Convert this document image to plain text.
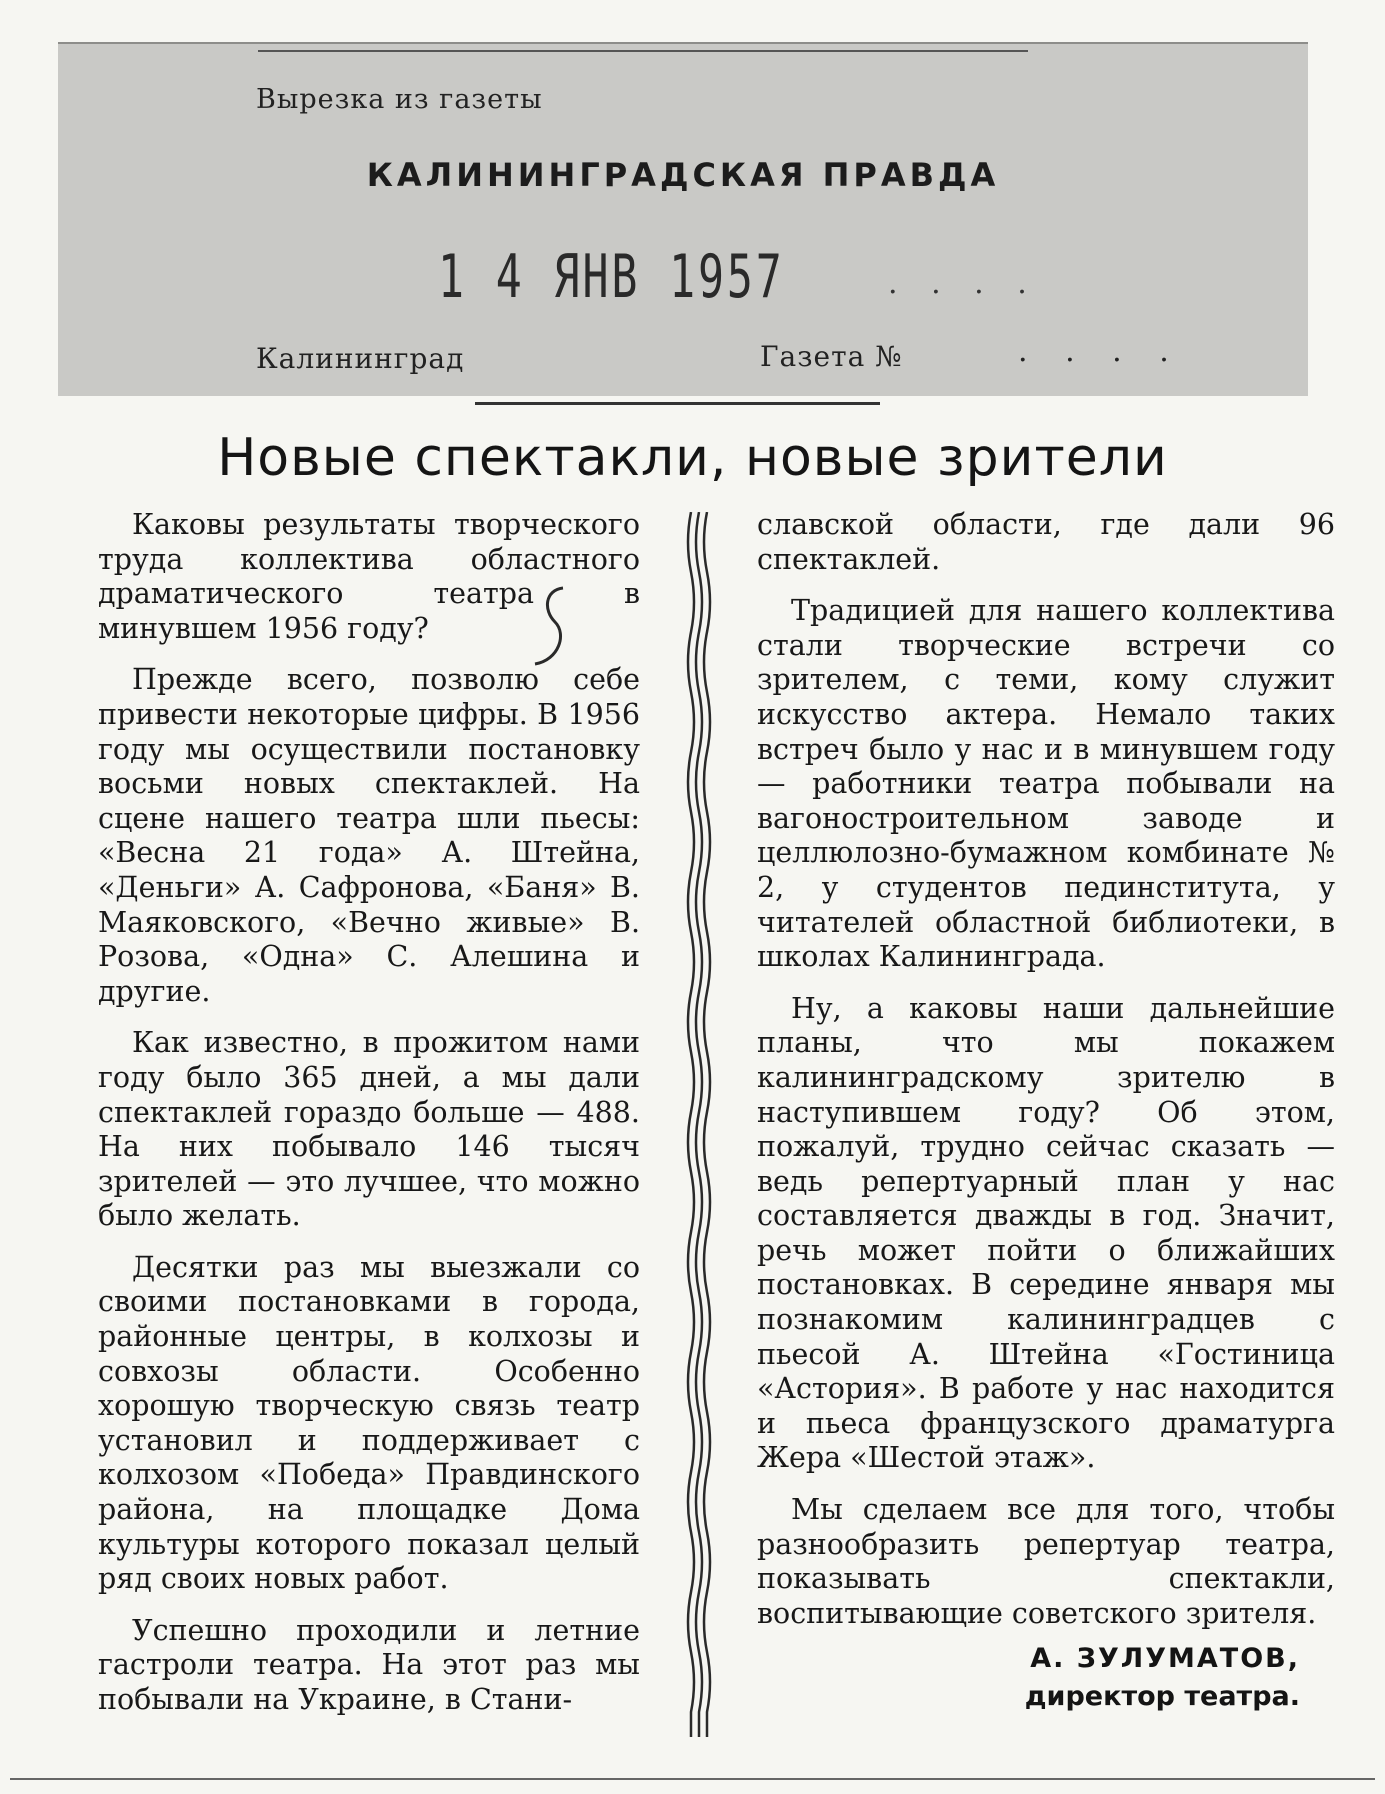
Вырезка из газеты
КАЛИНИНГРАДСКАЯ ПРАВДА
1 4 ЯНВ 1957	. . . .
Калининград	Газета №	. . . .
Новые спектакли, новые зрители

Каковы результаты творческого труда коллектива областного драматического театра в минувшем 1956 году?

Прежде всего, позволю себе привести некоторые цифры. В 1956 году мы осуществили постановку восьми новых спектаклей. На сцене нашего театра шли пьесы: «Весна 21 года» А. Штейна, «Деньги» А. Сафронова, «Баня» В. Маяковского, «Вечно живые» В. Розова, «Одна» С. Алешина и другие.

Как известно, в прожитом нами году было 365 дней, а мы дали спектаклей гораздо больше — 488. На них побывало 146 тысяч зрителей — это лучшее, что можно было желать.

Десятки раз мы выезжали со своими постановками в города, районные центры, в колхозы и совхозы области. Особенно хорошую творческую связь театр установил и поддерживает с колхозом «Победа» Правдинского района, на площадке Дома культуры которого показал целый ряд своих новых работ.

Успешно проходили и летние гастроли театра. На этот раз мы побывали на Украине, в Стани-

славской области, где дали 96 спектаклей.

Традицией для нашего коллектива стали творческие встречи со зрителем, с теми, кому служит искусство актера. Немало таких встреч было у нас и в минувшем году — работники театра побывали на вагоностроительном заводе и целлюлозно-бумажном комбинате № 2, у студентов пединститута, у читателей областной библиотеки, в школах Калининграда.

Ну, а каковы наши дальнейшие планы, что мы покажем калининградскому зрителю в наступившем году? Об этом, пожалуй, трудно сейчас сказать — ведь репертуарный план у нас составляется дважды в год. Значит, речь может пойти о ближайших постановках. В середине января мы познакомим калининградцев с пьесой А. Штейна «Гостиница «Астория». В работе у нас находится и пьеса французского драматурга Жера «Шестой этаж».

Мы сделаем все для того, чтобы разнообразить репертуар театра, показывать спектакли, воспитывающие советского зрителя.

А. ЗУЛУМАТОВ,
директор театра.
